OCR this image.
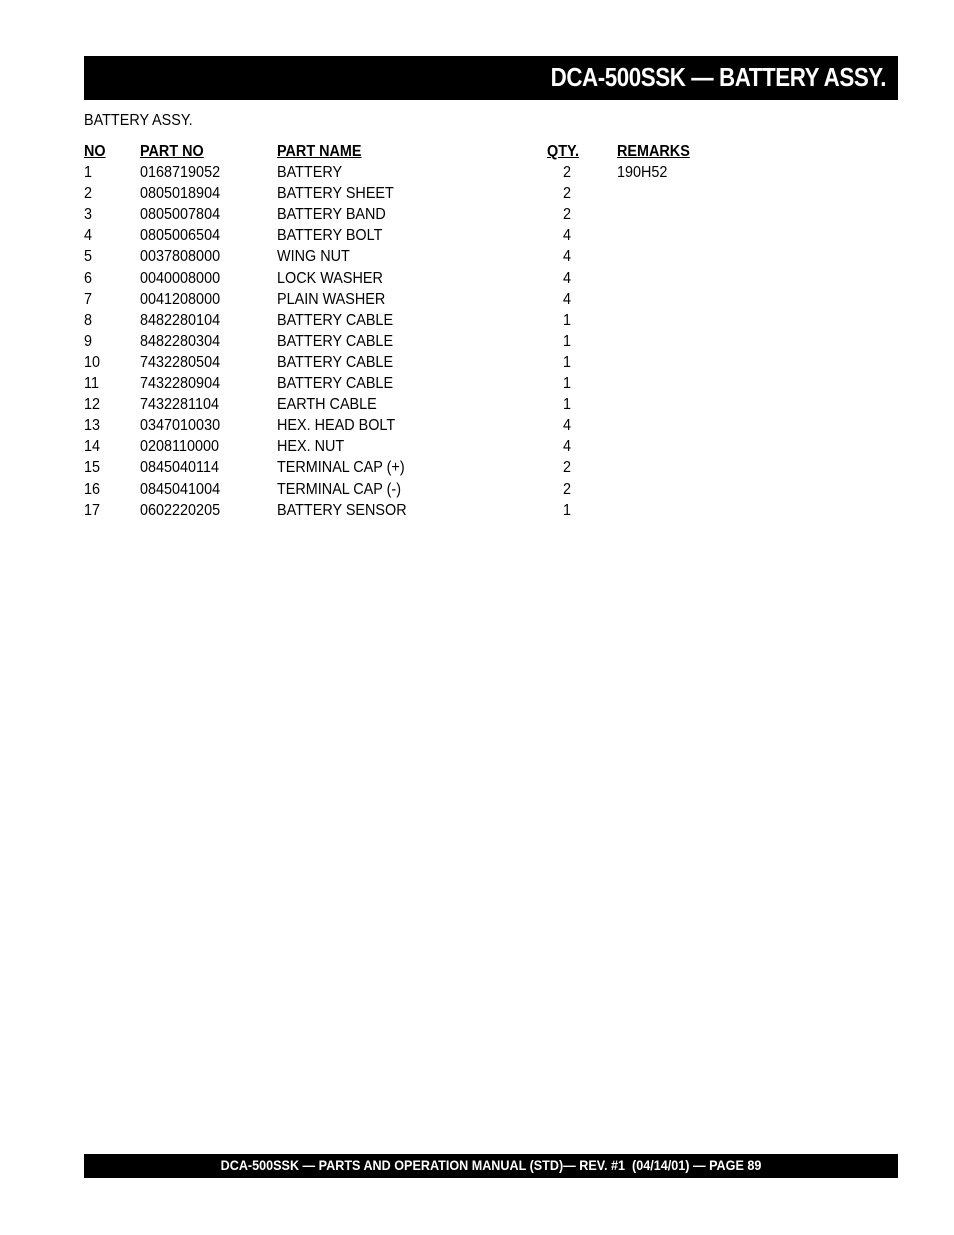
DCA-500SSK — BATTERY ASSY.
BATTERY ASSY.
NO PART NO	PART NAME	QTY. REMARKS
1	0168719052	BATTERY	2	190H52
2	0805018904	BATTERY SHEET	2
3	0805007804	BATTERY BAND	2
4	0805006504	BATTERY BOLT	4
5	0037808000	WING NUT	4
6	0040008000	LOCK WASHER	4
7	0041208000	PLAIN WASHER	4
8	8482280104	BATTERY CABLE	1
9	8482280304	BATTERY CABLE	1
10 7432280504	BATTERY CABLE	1
11	7432280904	BATTERY CABLE	1
12 7432281104	EARTH CABLE	1
13 0347010030	HEX. HEAD BOLT	4
14 0208110000	HEX. NUT	4
15 0845040114	TERMINAL CAP (+)	2
16 0845041004	TERMINAL CAP (-)	2
17 0602220205	BATTERY SENSOR	1
DCA-500SSK — PARTS AND OPERATION MANUAL (STD)— REV. #1  (04/14/01) — PAGE 89
